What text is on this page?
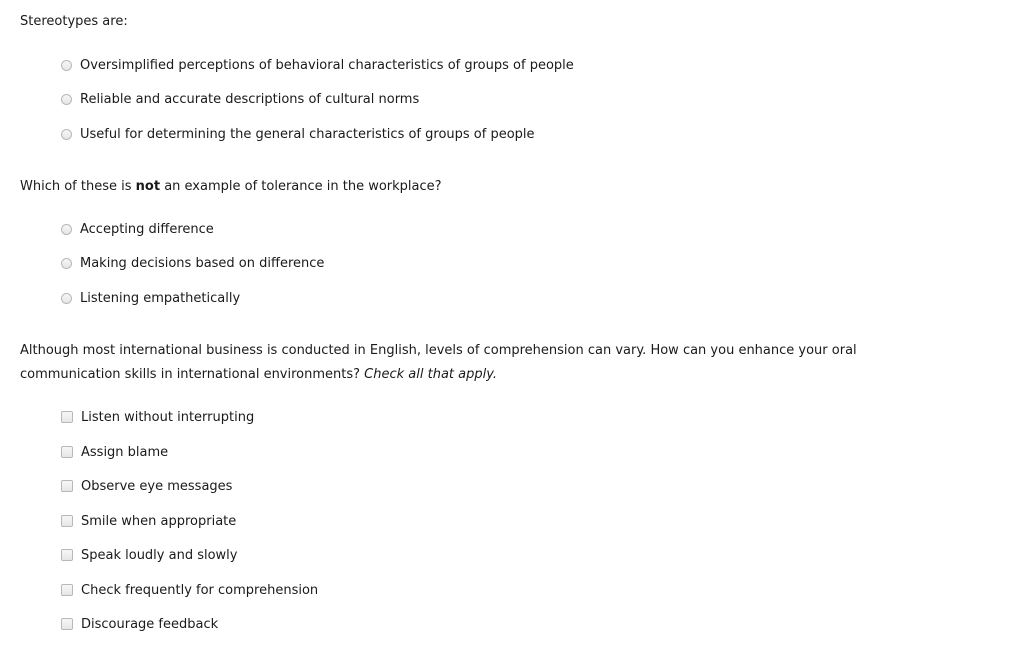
Stereotypes are:
Oversimplified perceptions of behavioral characteristics of groups of people
Reliable and accurate descriptions of cultural norms
Useful for determining the general characteristics of groups of people
Which of these is not an example of tolerance in the workplace?
Accepting difference
Making decisions based on difference
Listening empathetically
Although most international business is conducted in English, levels of comprehension can vary. How can you enhance your oral communication skills in international environments? Check all that apply.
Listen without interrupting
Assign blame
Observe eye messages
Smile when appropriate
Speak loudly and slowly
Check frequently for comprehension
Discourage feedback
